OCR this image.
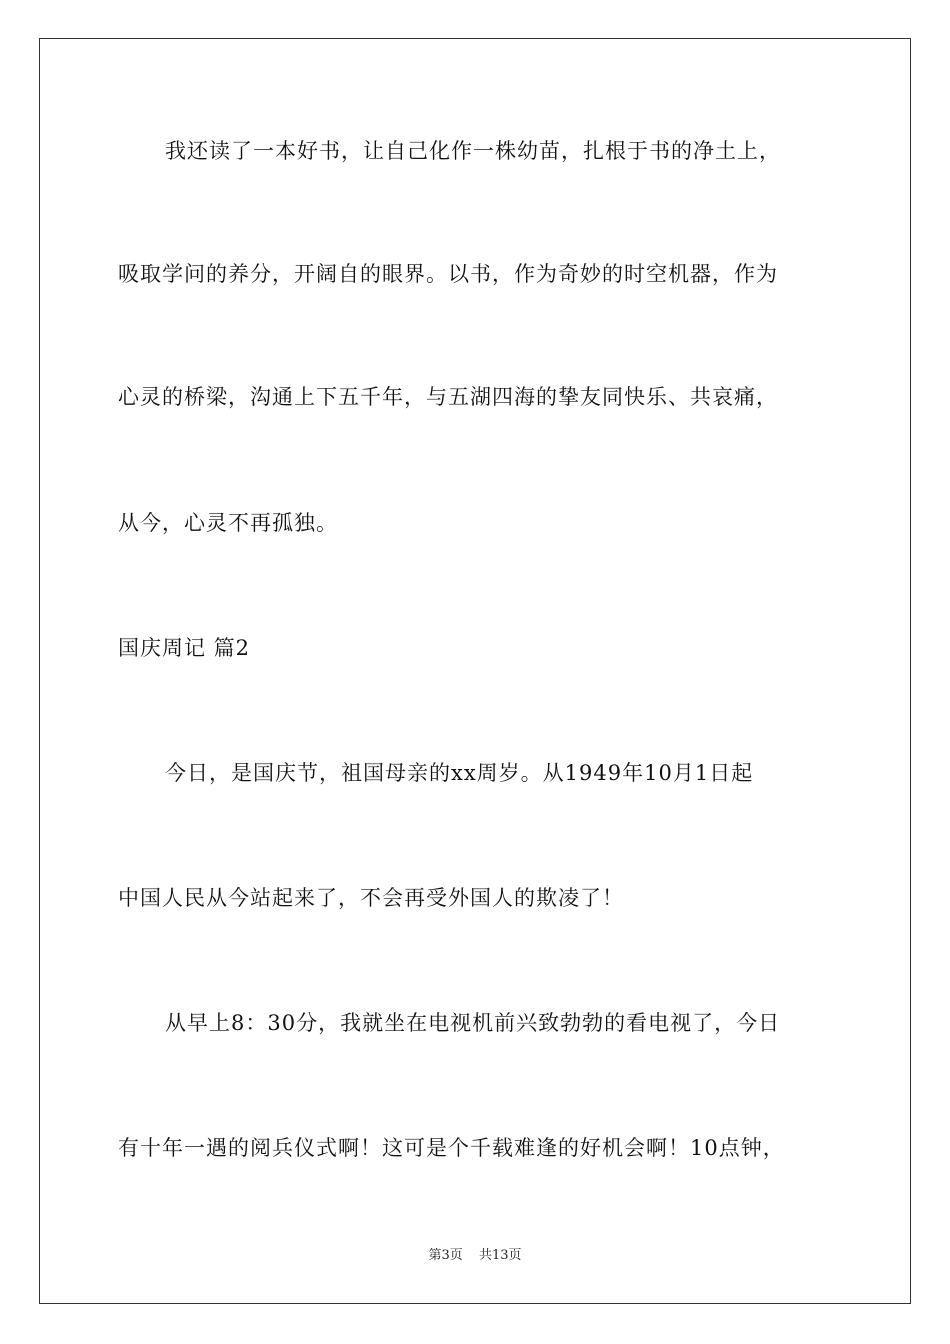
我还读了一本好书，让自己化作一株幼苗，扎根于书的净土上，
吸取学问的养分，开阔自的眼界。以书，作为奇妙的时空机器，作为
心灵的桥梁，沟通上下五千年，与五湖四海的挚友同快乐、共哀痛，
从今，心灵不再孤独。
国庆周记 篇2
今日，是国庆节，祖国母亲的xx周岁。从1949年10月1日起
中国人民从今站起来了，不会再受外国人的欺凌了！
从早上8：30分，我就坐在电视机前兴致勃勃的看电视了，今日
有十年一遇的阅兵仪式啊！这可是个千载难逢的好机会啊！10点钟，
第3页 共13页
